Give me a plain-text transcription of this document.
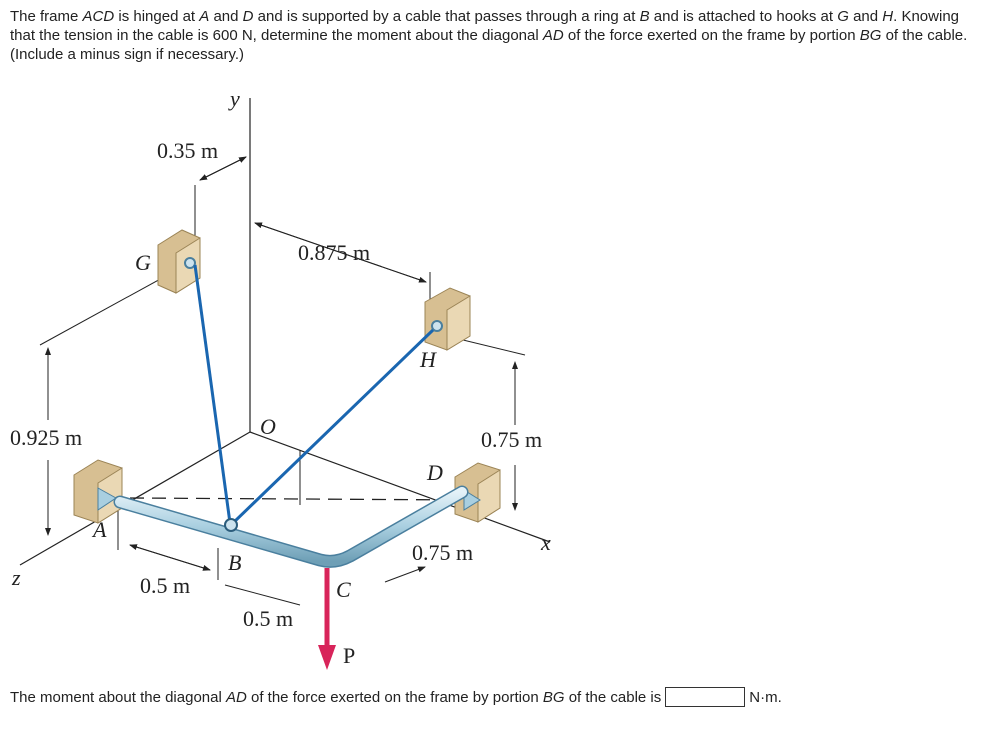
The frame ACD is hinged at A and D and is supported by a cable that passes through a ring at B and is attached to hooks at G and H. Knowing that the tension in the cable is 600 N, determine the moment about the diagonal AD of the force exerted on the frame by portion BG of the cable. (Include a minus sign if necessary.)
y
x
z
O
G
H
A
B
C
D
P
0.35 m
0.875 m
0.925 m	0.75 m
0.75 m
0.5 m
0.5 m
The moment about the diagonal AD of the force exerted on the frame by portion BG of the cable is	N·m.
